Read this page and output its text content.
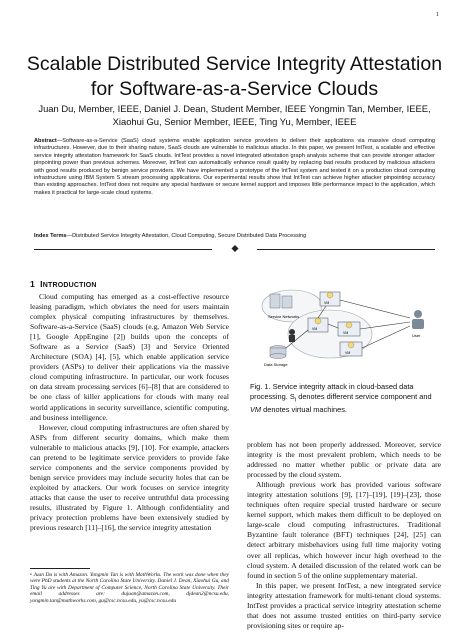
1
Scalable Distributed Service Integrity Attestation for Software-as-a-Service Clouds
Juan Du, Member, IEEE, Daniel J. Dean, Student Member, IEEE Yongmin Tan, Member, IEEE,
Xiaohui Gu, Senior Member, IEEE, Ting Yu, Member, IEEE
Abstract—Software-as-a-Service (SaaS) cloud systems enable application service providers to deliver their applications via massive cloud computing infrastructures. However, due to their sharing nature, SaaS clouds are vulnerable to malicious attacks. In this paper, we present IntTest, a scalable and effective service integrity attestation framework for SaaS clouds. IntTest provides a novel integrated attestation graph analysis scheme that can provide stronger attacker pinpointing power than previous schemes. Moreover, IntTest can automatically enhance result quality by replacing bad results produced by malicious attackers with good results produced by benign service providers. We have implemented a prototype of the IntTest system and tested it on a production cloud computing infrastructure using IBM System S stream processing applications. Our experimental results show that IntTest can achieve higher attacker pinpointing accuracy than existing approaches. IntTest does not require any special hardware or secure kernel support and imposes little performance impact to the application, which makes it practical for large-scale cloud systems.
Index Terms—Distributed Service Integrity Attestation, Cloud Computing, Secure Distributed Data Processing
1 INTRODUCTION

Cloud computing has emerged as a cost-effective resource leasing paradigm, which obviates the need for users maintain complex physical computing infrastructures by themselves. Software-as-a-Service (SaaS) clouds (e.g, Amazon Web Service [1], Google AppEngine [2]) builds upon the concepts of Software as a Service (SaaS) [3] and Service Oriented Architecture (SOA) [4], [5], which enable application service providers (ASPs) to deliver their applications via the massive cloud computing infrastructure. In particular, our work focuses on data stream processing services [6]–[8] that are considered to be one class of killer applications for clouds with many real world applications in security surveillance, scientific computing, and business intelligence.

However, cloud computing infrastructures are often shared by ASPs from different security domains, which make them vulnerable to malicious attacks [9], [10]. For example, attackers can pretend to be legitimate service providers to provide fake service components and the service components provided by benign service providers may include security holes that can be exploited by attackers. Our work focuses on service integrity attacks that cause the user to receive untruthful data processing results, illustrated by Figure 1. Although confidentiality and privacy protection problems have been extensively studied by previous research [11]–[16], the service integrity attestation

• Juan Du is with Amazon. Yongmin Tan is with MathWorks. The work was done when they were PhD students at the North Carolina State University. Daniel J. Dean, Xiaohui Gu, and Ting Yu are with Department of Computer Science, North Carolina State University. Their email addresses are: dujuan@amazon.com, djdean2@ncsu.edu, yongmin.tan@mathworks.com, gu@csc.ncsu.edu, yu@csc.ncsu.edu
Service Networks
VM
VM
VM
VM
Data Storage
User
Fig. 1. Service integrity attack in cloud-based data processing. $S_i$ denotes different service component and VM denotes virtual machines.

problem has not been properly addressed. Moreover, service integrity is the most prevalent problem, which needs to be addressed no matter whether public or private data are processed by the cloud system.

Although previous work has provided various software integrity attestation solutions [9], [17]–[19], [19]–[23], those techniques often require special trusted hardware or secure kernel support, which makes them difficult to be deployed on large-scale cloud computing infrastructures. Traditional Byzantine fault tolerance (BFT) techniques [24], [25] can detect arbitrary misbehaviors using full time majority voting over all replicas, which however incur high overhead to the cloud system. A detailed discussion of the related work can be found in section 5 of the online supplementary material.

In this paper, we present IntTest, a new integrated service integrity attestation framework for multi-tenant cloud systems. IntTest provides a practical service integrity attestation scheme that does not assume trusted entities on third-party service provisioning sites or require ap-
